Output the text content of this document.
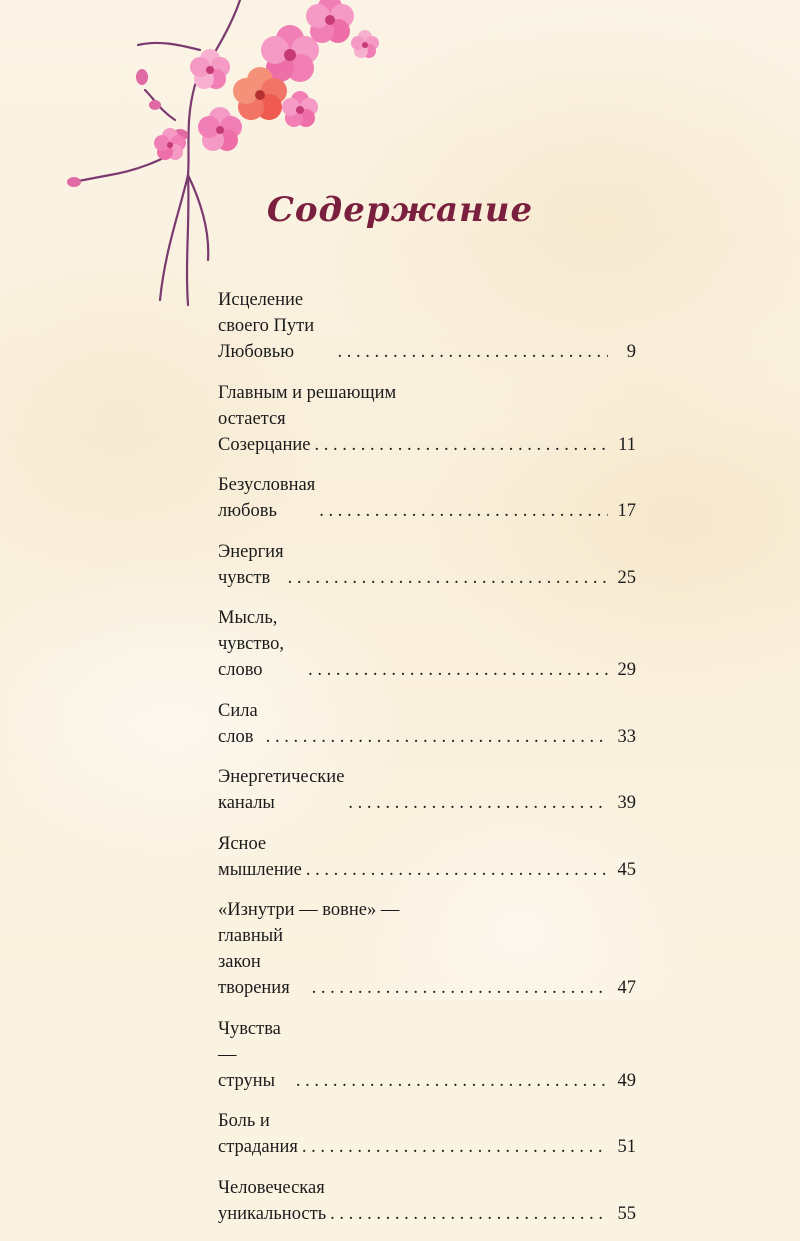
Содержание
Исцеление своего Пути Любовью . . .	9
Главным и решающим
остается Созерцание . . .	11
Безусловная любовь . . .	17
Энергия чувств . . .	25
Мысль, чувство, слово . . .	29
Сила слов . . .	33
Энергетические каналы . . .	39
Ясное мышление . . .	45
«Изнутри — вовне» —
главный закон творения . . .	47
Чувства — струны . . .	49
Боль и страдания . . .	51
Человеческая
уникальность . . .	55
